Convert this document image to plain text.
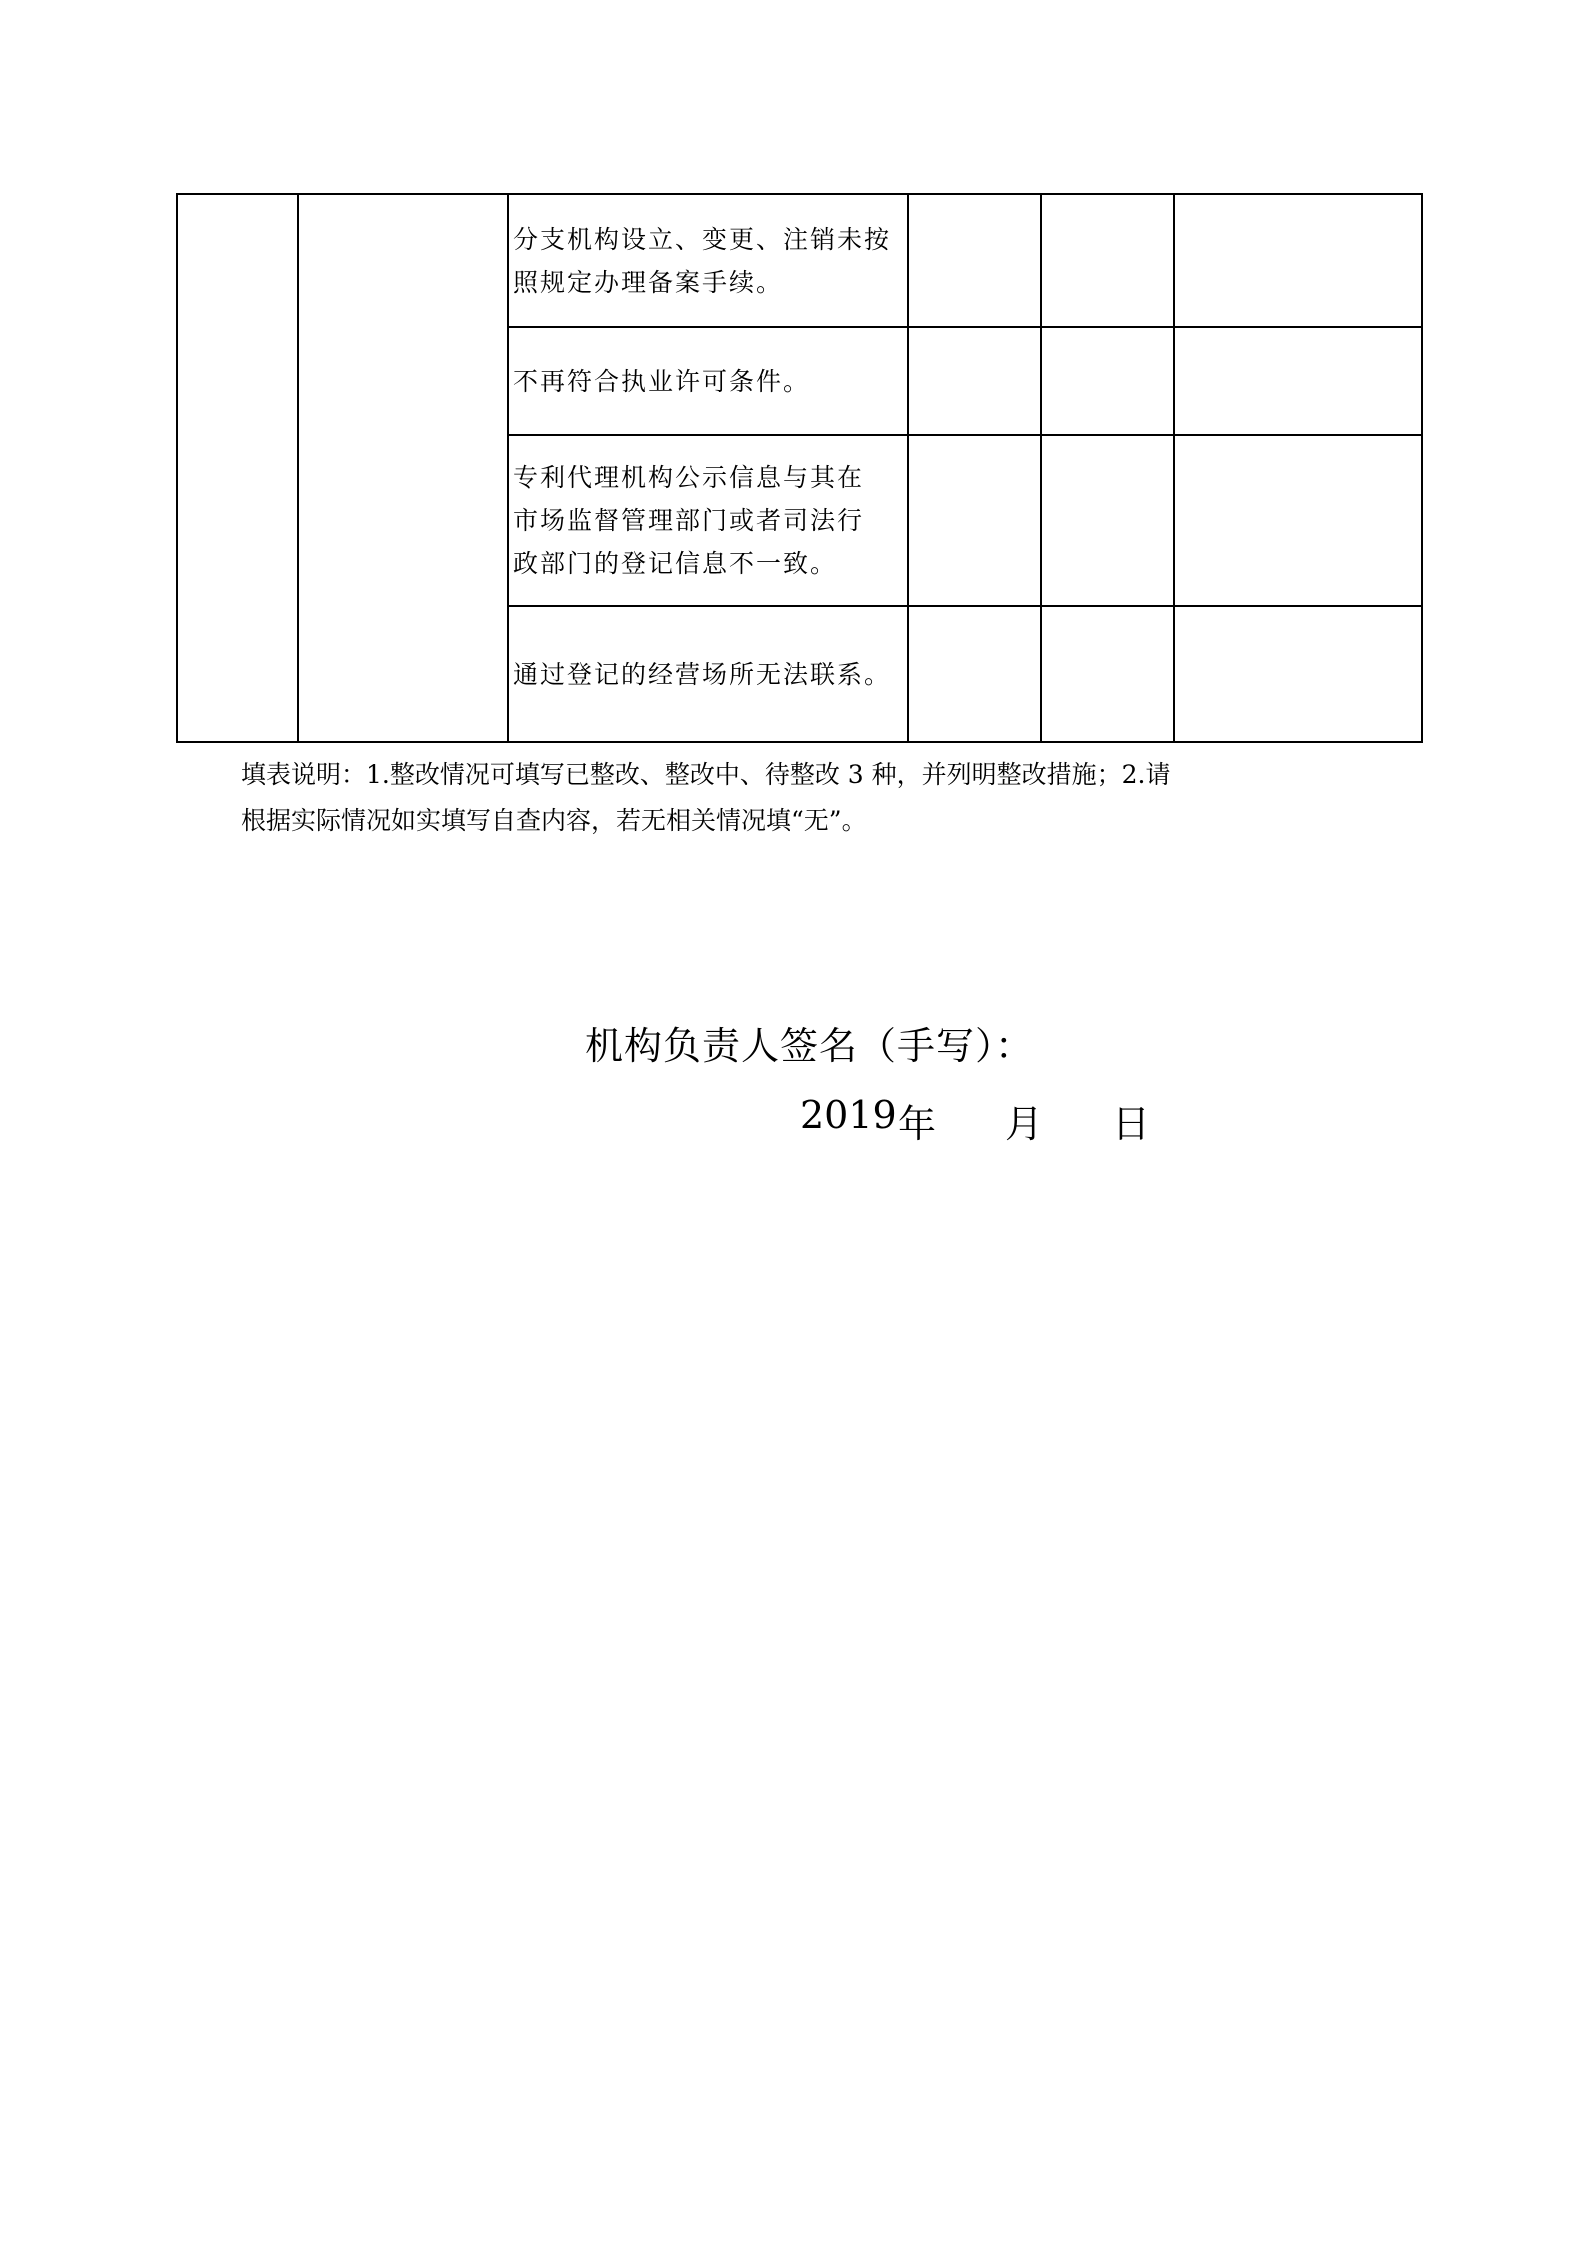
		分支机构设立、变更、注销未按
照规定办理备案手续。			

		不再符合执业许可条件。			

		专利代理机构公示信息与其在
市场监督管理部门或者司法行
政部门的登记信息不一致。			

		通过登记的经营场所无法联系。			

填表说明：1.整改情况可填写已整改、整改中、待整改 3 种，并列明整改措施；2.请
根据实际情况如实填写自查内容，若无相关情况填“无”。
机构负责人签名（手写）：
2019 年 月 日
